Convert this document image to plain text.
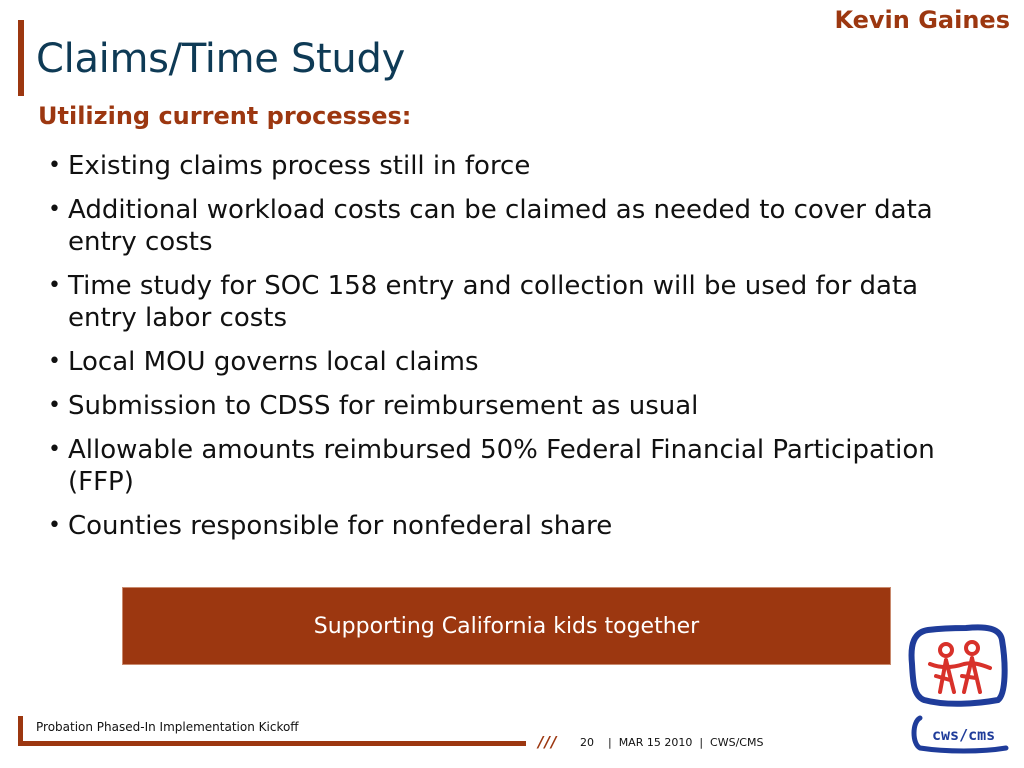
Kevin Gaines
Claims/Time Study
Utilizing current processes:
• Existing claims process still in force
• Additional workload costs can be claimed as needed to cover data entry costs
• Time study for SOC 158 entry and collection will be used for data entry labor costs
• Local MOU governs local claims
• Submission to CDSS for reimbursement as usual
• Allowable amounts reimbursed 50% Federal Financial Participation (FFP)
• Counties responsible for nonfederal share
Supporting California kids together
cws/cms
Probation Phased-In Implementation Kickoff
/// 20    |  MAR 15 2010  |  CWS/CMS
